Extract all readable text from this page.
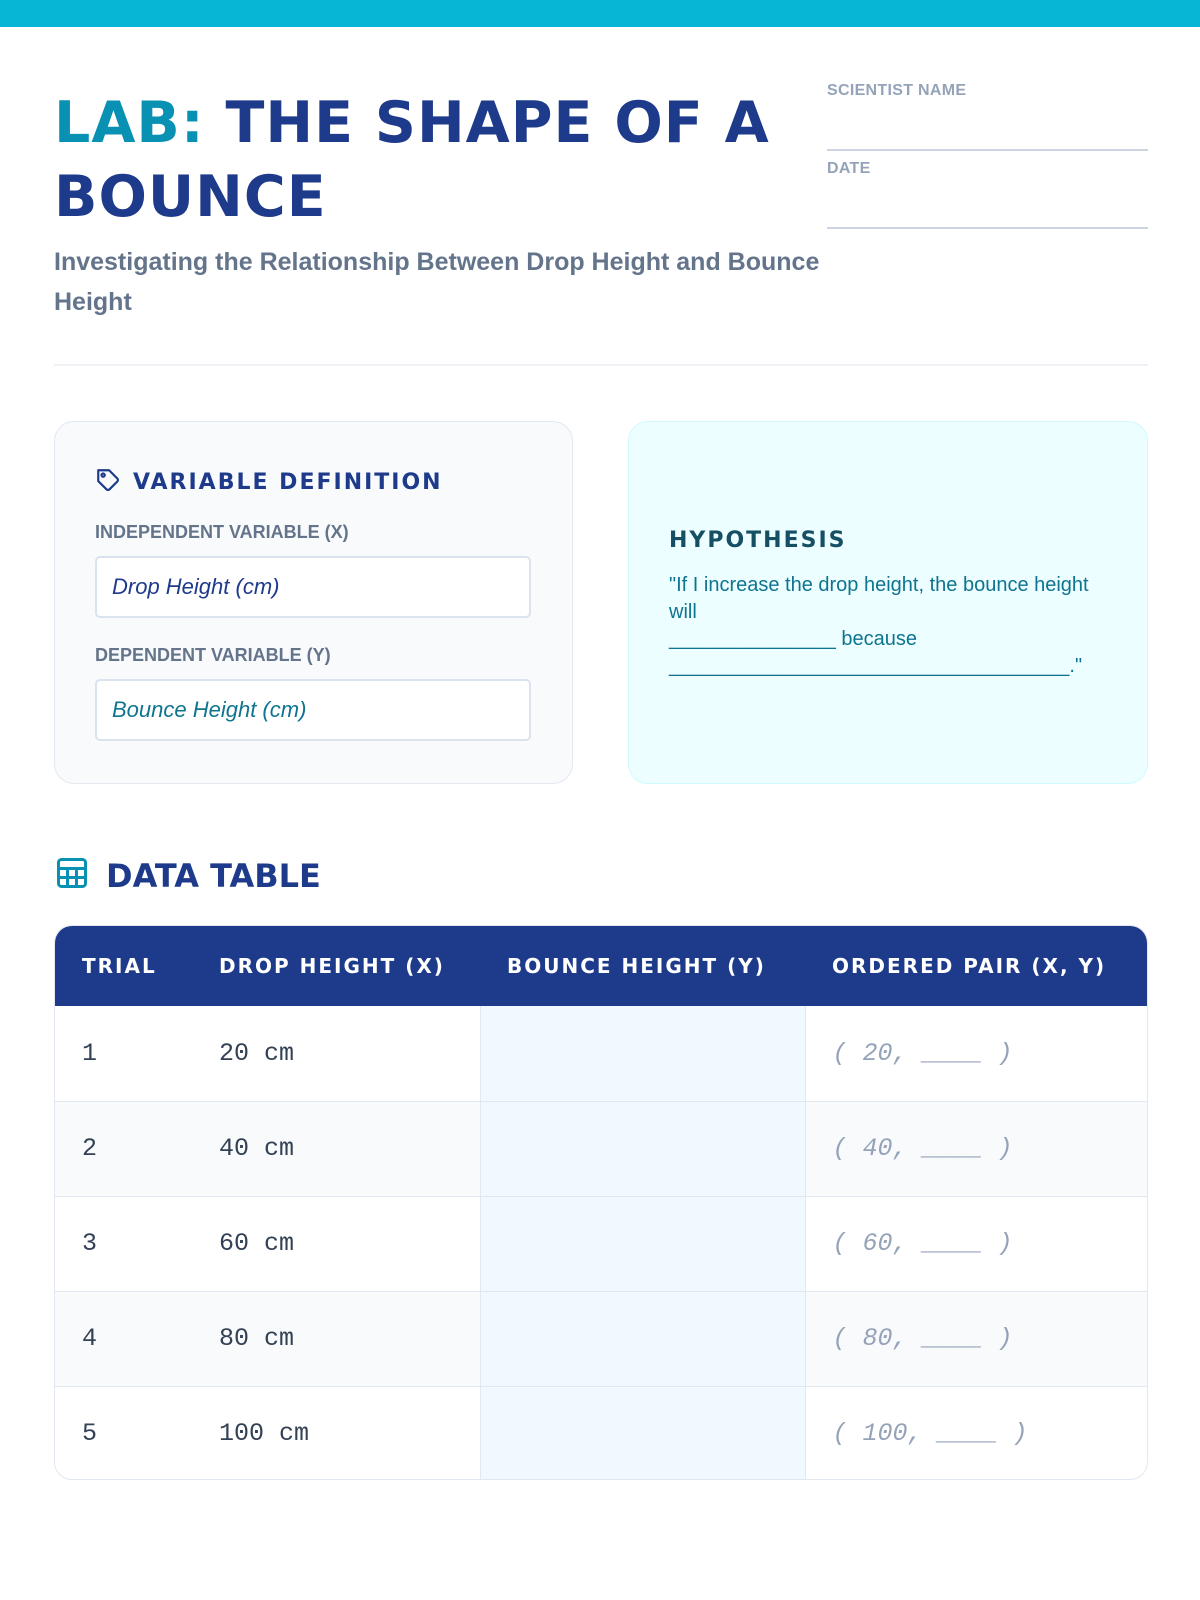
LAB: THE SHAPE OF A BOUNCE

Investigating the Relationship Between Drop Height and Bounce Height

SCIENTIST NAME
DATE
VARIABLE DEFINITION
INDEPENDENT VARIABLE (X)
Drop Height (cm)
DEPENDENT VARIABLE (Y)
Bounce Height (cm)
HYPOTHESIS
"If I increase the drop height, the bounce height will
_______________ because
____________________________________."
DATA TABLE
TRIAL	DROP HEIGHT (X)	BOUNCE HEIGHT (Y)	ORDERED PAIR (X, Y)
1	20 cm		( 20, ____ )
2	40 cm		( 40, ____ )
3	60 cm		( 60, ____ )
4	80 cm		( 80, ____ )
5	100 cm		( 100, ____ )
